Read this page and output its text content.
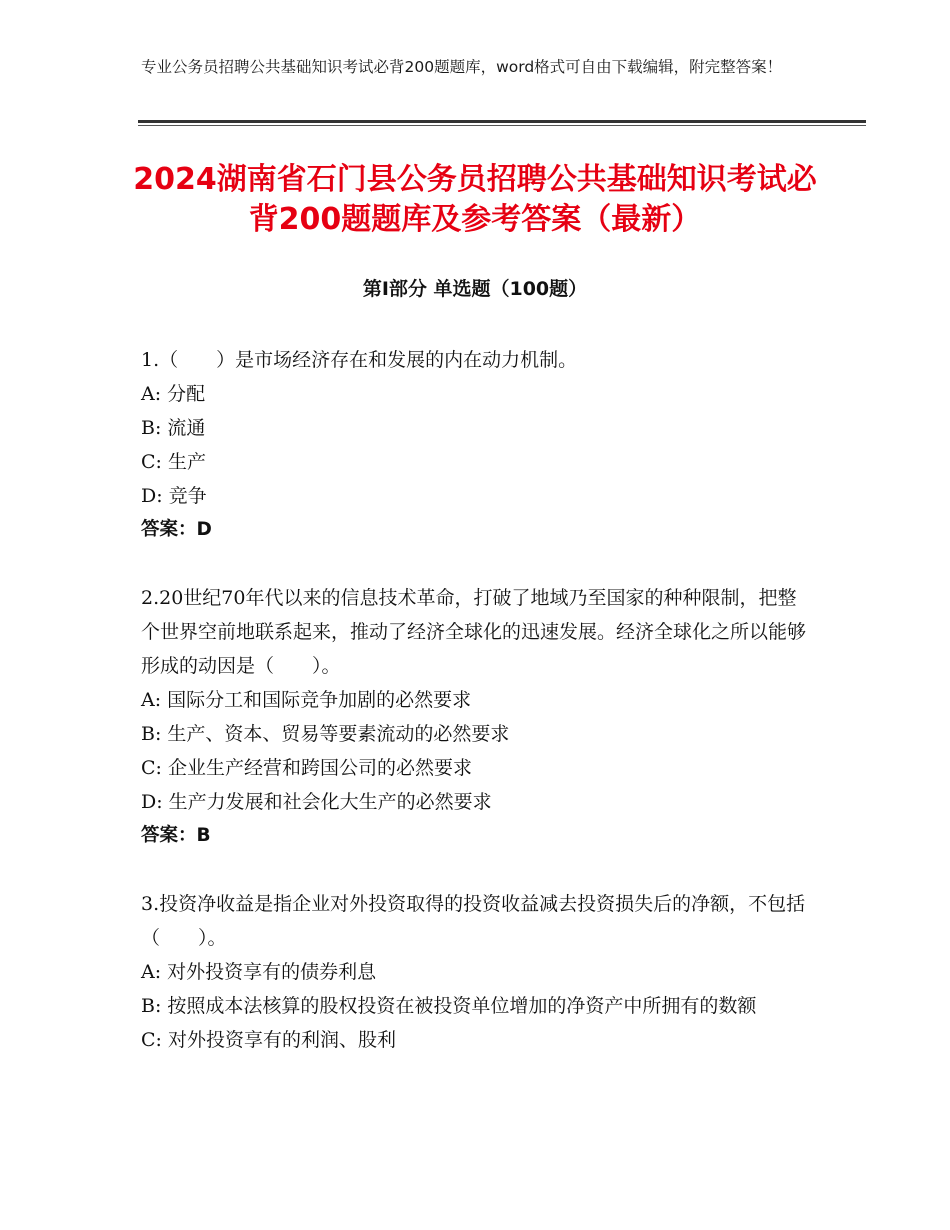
专业公务员招聘公共基础知识考试必背200题题库，word格式可自由下载编辑，附完整答案！
2024湖南省石门县公务员招聘公共基础知识考试必背200题题库及参考答案（最新）
第Ⅰ部分 单选题（100题）

1.（　　）是市场经济存在和发展的内在动力机制。

A: 分配

B: 流通

C: 生产

D: 竞争

答案：D

2.20世纪70年代以来的信息技术革命，打破了地域乃至国家的种种限制，把整个世界空前地联系起来，推动了经济全球化的迅速发展。经济全球化之所以能够形成的动因是（　　）。

A: 国际分工和国际竞争加剧的必然要求

B: 生产、资本、贸易等要素流动的必然要求

C: 企业生产经营和跨国公司的必然要求

D: 生产力发展和社会化大生产的必然要求

答案：B

3.投资净收益是指企业对外投资取得的投资收益减去投资损失后的净额，不包括（　　）。

A: 对外投资享有的债券利息

B: 按照成本法核算的股权投资在被投资单位增加的净资产中所拥有的数额

C: 对外投资享有的利润、股利
